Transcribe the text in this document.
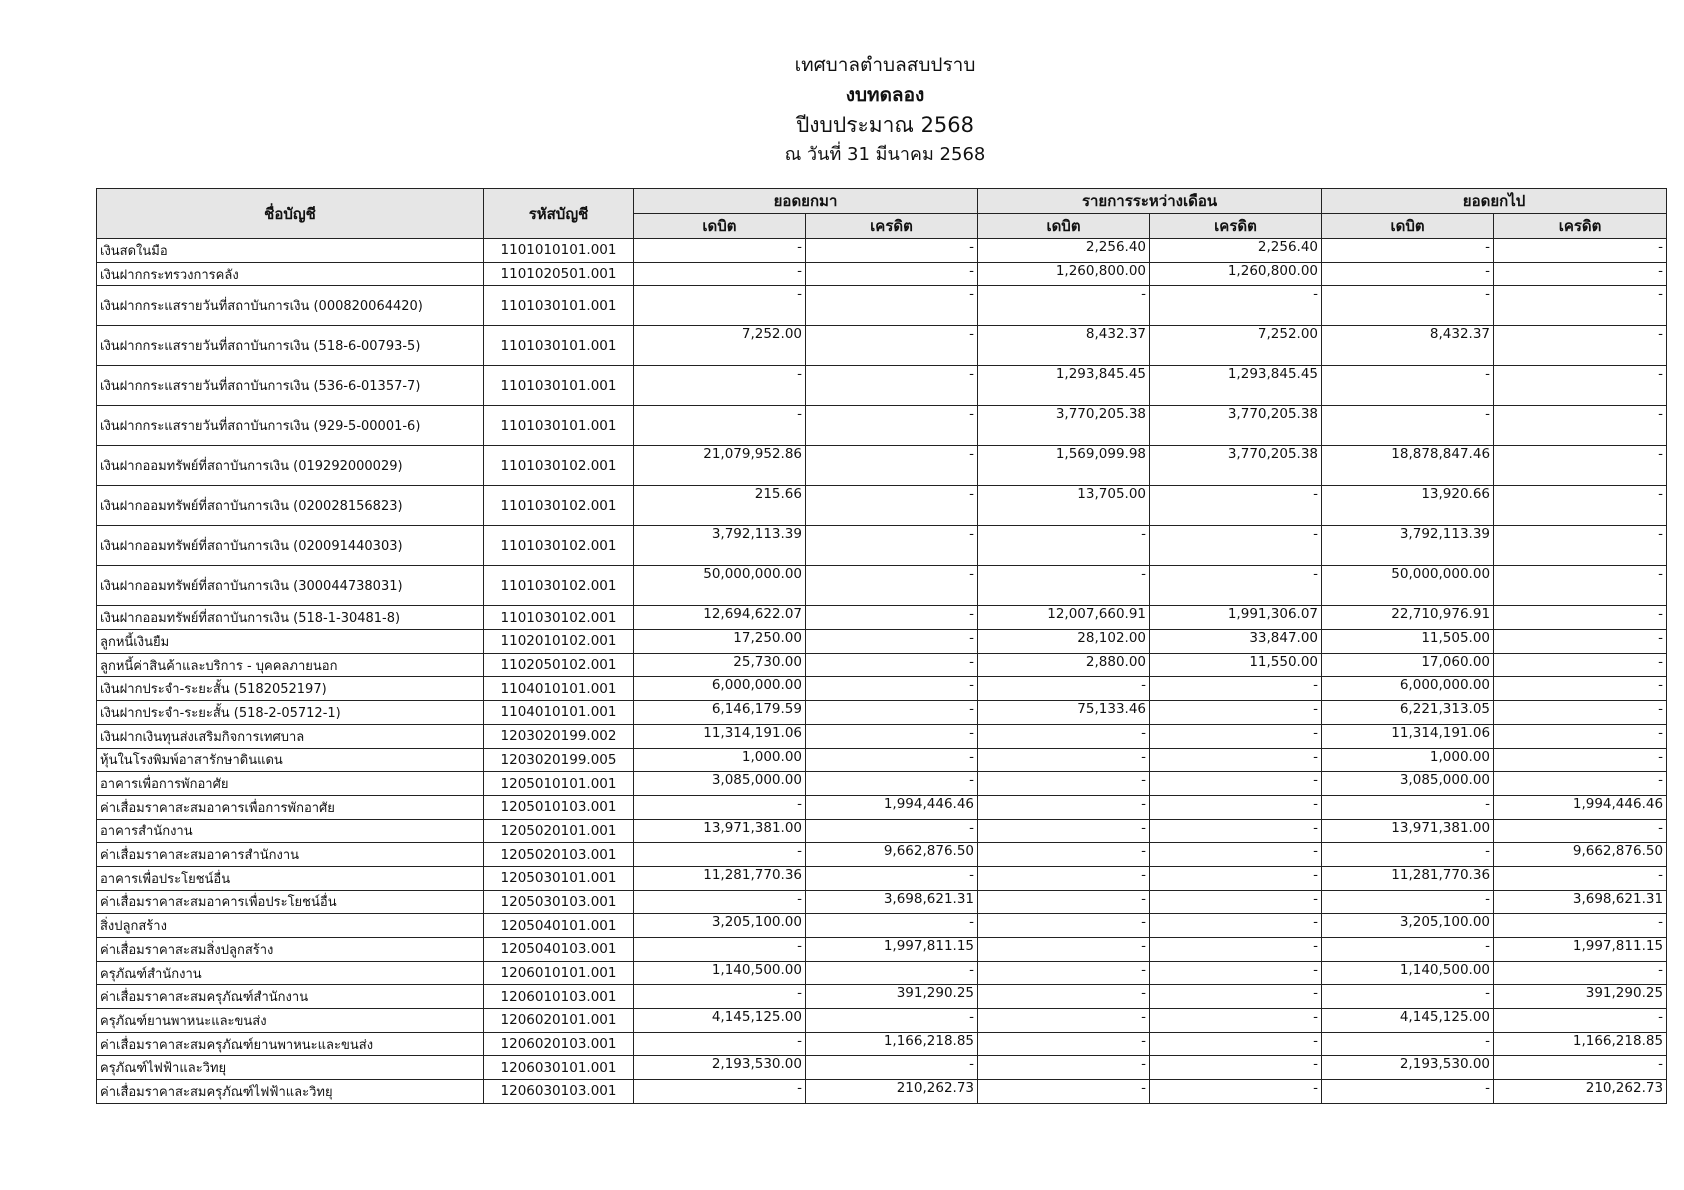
เทศบาลตำบลสบปราบ
งบทดลอง
ปีงบประมาณ 2568
ณ วันที่ 31 มีนาคม 2568
ชื่อบัญชี	รหัสบัญชี	ยอดยกมา		รายการระหว่างเดือน		ยอดยกไป	
		เดบิต	เครดิต	เดบิต	เครดิต	เดบิต	เครดิต
เงินสดในมือ	1101010101.001	-	-	2,256.40	2,256.40	-	-
เงินฝากกระทรวงการคลัง	1101020501.001	-	-	1,260,800.00	1,260,800.00	-	-
เงินฝากกระแสรายวันที่สถาบันการเงิน (000820064420)	1101030101.001	-	-	-	-	-	-
เงินฝากกระแสรายวันที่สถาบันการเงิน (518-6-00793-5)	1101030101.001	7,252.00	-	8,432.37	7,252.00	8,432.37	-
เงินฝากกระแสรายวันที่สถาบันการเงิน (536-6-01357-7)	1101030101.001	-	-	1,293,845.45	1,293,845.45	-	-
เงินฝากกระแสรายวันที่สถาบันการเงิน (929-5-00001-6)	1101030101.001	-	-	3,770,205.38	3,770,205.38	-	-
เงินฝากออมทรัพย์ที่สถาบันการเงิน (019292000029)	1101030102.001	21,079,952.86	-	1,569,099.98	3,770,205.38	18,878,847.46	-
เงินฝากออมทรัพย์ที่สถาบันการเงิน (020028156823)	1101030102.001	215.66	-	13,705.00	-	13,920.66	-
เงินฝากออมทรัพย์ที่สถาบันการเงิน (020091440303)	1101030102.001	3,792,113.39	-	-	-	3,792,113.39	-
เงินฝากออมทรัพย์ที่สถาบันการเงิน (300044738031)	1101030102.001	50,000,000.00	-	-	-	50,000,000.00	-
เงินฝากออมทรัพย์ที่สถาบันการเงิน (518-1-30481-8)	1101030102.001	12,694,622.07	-	12,007,660.91	1,991,306.07	22,710,976.91	-
ลูกหนี้เงินยืม	1102010102.001	17,250.00	-	28,102.00	33,847.00	11,505.00	-
ลูกหนี้ค่าสินค้าและบริการ - บุคคลภายนอก	1102050102.001	25,730.00	-	2,880.00	11,550.00	17,060.00	-
เงินฝากประจำ-ระยะสั้น (5182052197)	1104010101.001	6,000,000.00	-	-	-	6,000,000.00	-
เงินฝากประจำ-ระยะสั้น (518-2-05712-1)	1104010101.001	6,146,179.59	-	75,133.46	-	6,221,313.05	-
เงินฝากเงินทุนส่งเสริมกิจการเทศบาล	1203020199.002	11,314,191.06	-	-	-	11,314,191.06	-
หุ้นในโรงพิมพ์อาสารักษาดินแดน	1203020199.005	1,000.00	-	-	-	1,000.00	-
อาคารเพื่อการพักอาศัย	1205010101.001	3,085,000.00	-	-	-	3,085,000.00	-
ค่าเสื่อมราคาสะสมอาคารเพื่อการพักอาศัย	1205010103.001	-	1,994,446.46	-	-	-	1,994,446.46
อาคารสำนักงาน	1205020101.001	13,971,381.00	-	-	-	13,971,381.00	-
ค่าเสื่อมราคาสะสมอาคารสำนักงาน	1205020103.001	-	9,662,876.50	-	-	-	9,662,876.50
อาคารเพื่อประโยชน์อื่น	1205030101.001	11,281,770.36	-	-	-	11,281,770.36	-
ค่าเสื่อมราคาสะสมอาคารเพื่อประโยชน์อื่น	1205030103.001	-	3,698,621.31	-	-	-	3,698,621.31
สิ่งปลูกสร้าง	1205040101.001	3,205,100.00	-	-	-	3,205,100.00	-
ค่าเสื่อมราคาสะสมสิ่งปลูกสร้าง	1205040103.001	-	1,997,811.15	-	-	-	1,997,811.15
ครุภัณฑ์สำนักงาน	1206010101.001	1,140,500.00	-	-	-	1,140,500.00	-
ค่าเสื่อมราคาสะสมครุภัณฑ์สำนักงาน	1206010103.001	-	391,290.25	-	-	-	391,290.25
ครุภัณฑ์ยานพาหนะและขนส่ง	1206020101.001	4,145,125.00	-	-	-	4,145,125.00	-
ค่าเสื่อมราคาสะสมครุภัณฑ์ยานพาหนะและขนส่ง	1206020103.001	-	1,166,218.85	-	-	-	1,166,218.85
ครุภัณฑ์ไฟฟ้าและวิทยุ	1206030101.001	2,193,530.00	-	-	-	2,193,530.00	-
ค่าเสื่อมราคาสะสมครุภัณฑ์ไฟฟ้าและวิทยุ	1206030103.001	-	210,262.73	-	-	-	210,262.73
